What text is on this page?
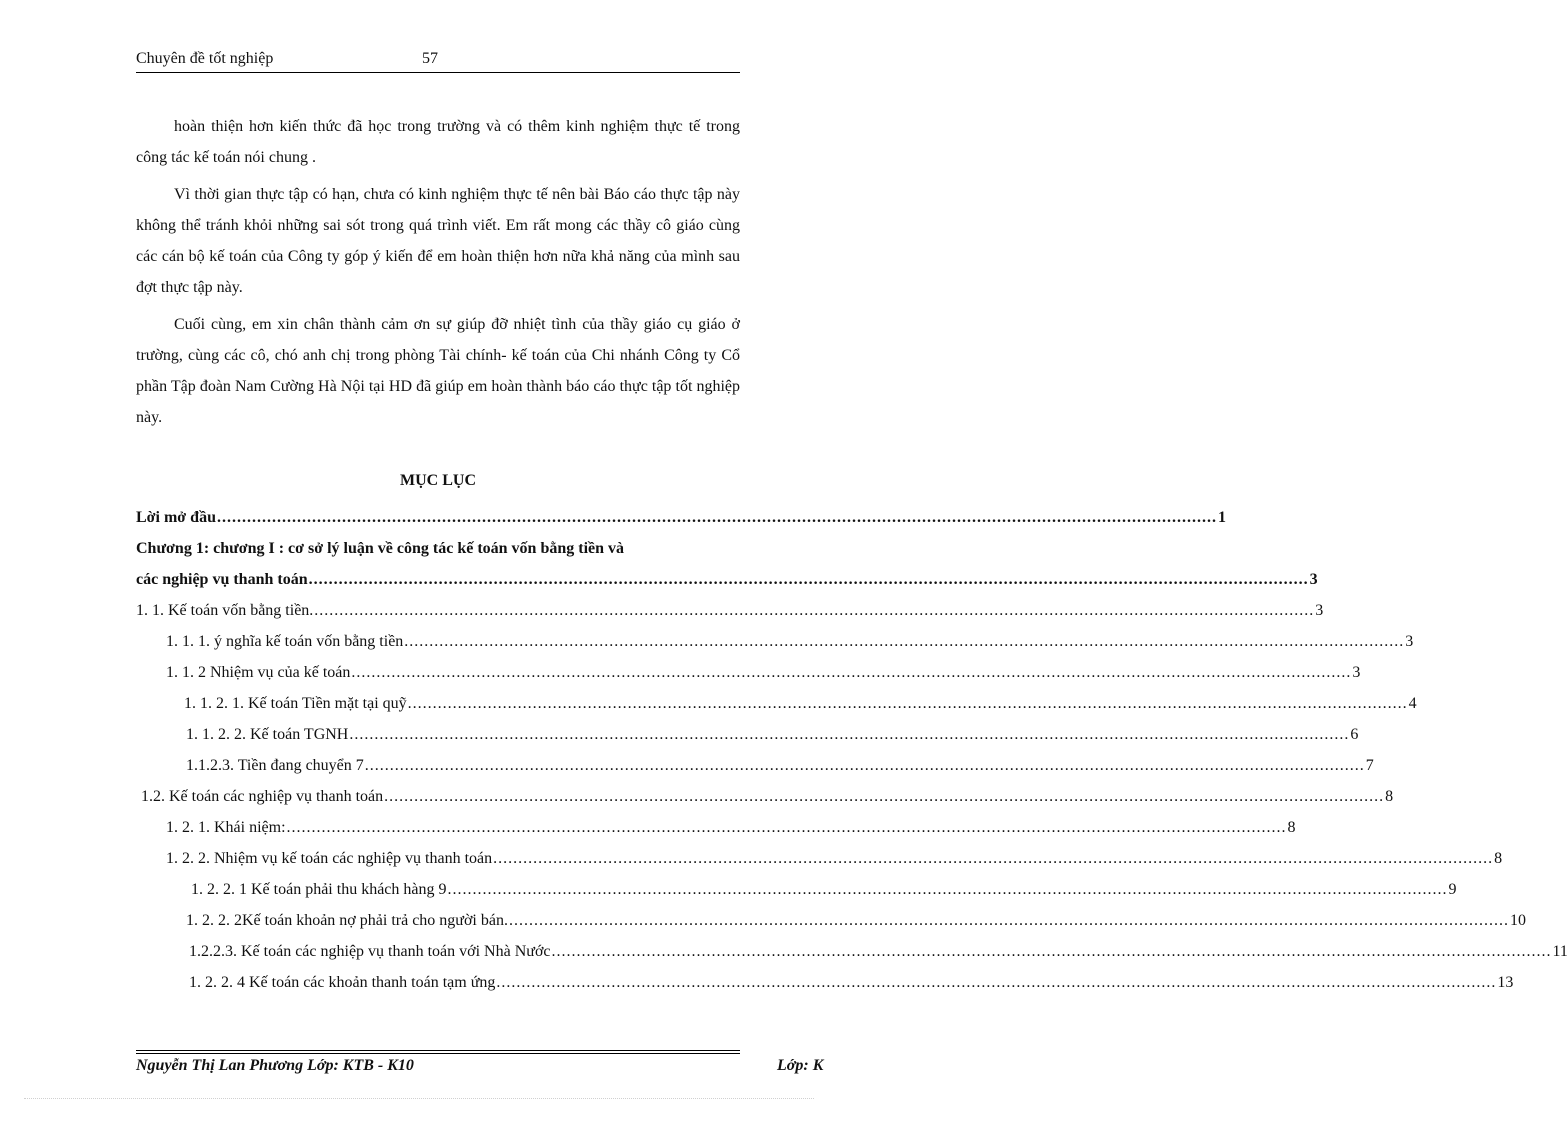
Chuyên đề tốt nghiệp	57

hoàn thiện hơn kiến thức đã học trong trường và có thêm kinh nghiệm thực tế trong công tác kế toán nói chung .

Vì thời gian thực tập có hạn, chưa có kinh nghiệm thực tế nên bài Báo cáo thực tập này không thể tránh khỏi những sai sót trong quá trình viết. Em rất mong các thầy cô giáo cùng các cán bộ kế toán của Công ty góp ý kiến để em hoàn thiện hơn nữa khả năng của mình sau đợt thực tập này.

Cuối cùng, em xin chân thành cảm ơn sự giúp đỡ nhiệt tình của thầy giáo cụ giáo ở trường, cùng các cô, chó anh chị trong phòng Tài chính- kế toán của Chi nhánh Công ty Cổ phần Tập đoàn Nam Cường Hà Nội tại HD đã giúp em hoàn thành báo cáo thực tập tốt nghiệp này.

MỤC LỤC
Lời mở đầu .....	1
Chương 1: chương I : cơ sở lý luận về công tác kế toán vốn bằng tiền và
các nghiệp vụ thanh toán .....	3
1. 1. Kế toán vốn bằng tiền. .....	3
1. 1. 1. ý nghĩa kế toán vốn bằng tiền .....	3
1. 1. 2 Nhiệm vụ của kế toán .....	3
1. 1. 2. 1. Kế toán Tiền mặt tại quỹ .....	4
1. 1. 2. 2. Kế toán TGNH .....	6
1.1.2.3. Tiền đang chuyển 7 .....	7
1.2. Kế toán các nghiệp vụ thanh toán .....	8
1. 2. 1. Khái niệm: .....	8
1. 2. 2. Nhiệm vụ kế toán các nghiệp vụ thanh toán .....	8
1. 2. 2. 1 Kế toán phải thu khách hàng 9 .....	9
1. 2. 2. 2Kế toán khoản nợ phải trả cho người bán. .....	10
1.2.2.3. Kế toán các nghiệp vụ thanh toán với Nhà Nước .....	11
1. 2. 2. 4 Kế toán các khoản thanh toán tạm ứng .....	13
Nguyễn Thị Lan Phương Lớp: KTB - K10	Lớp: K
